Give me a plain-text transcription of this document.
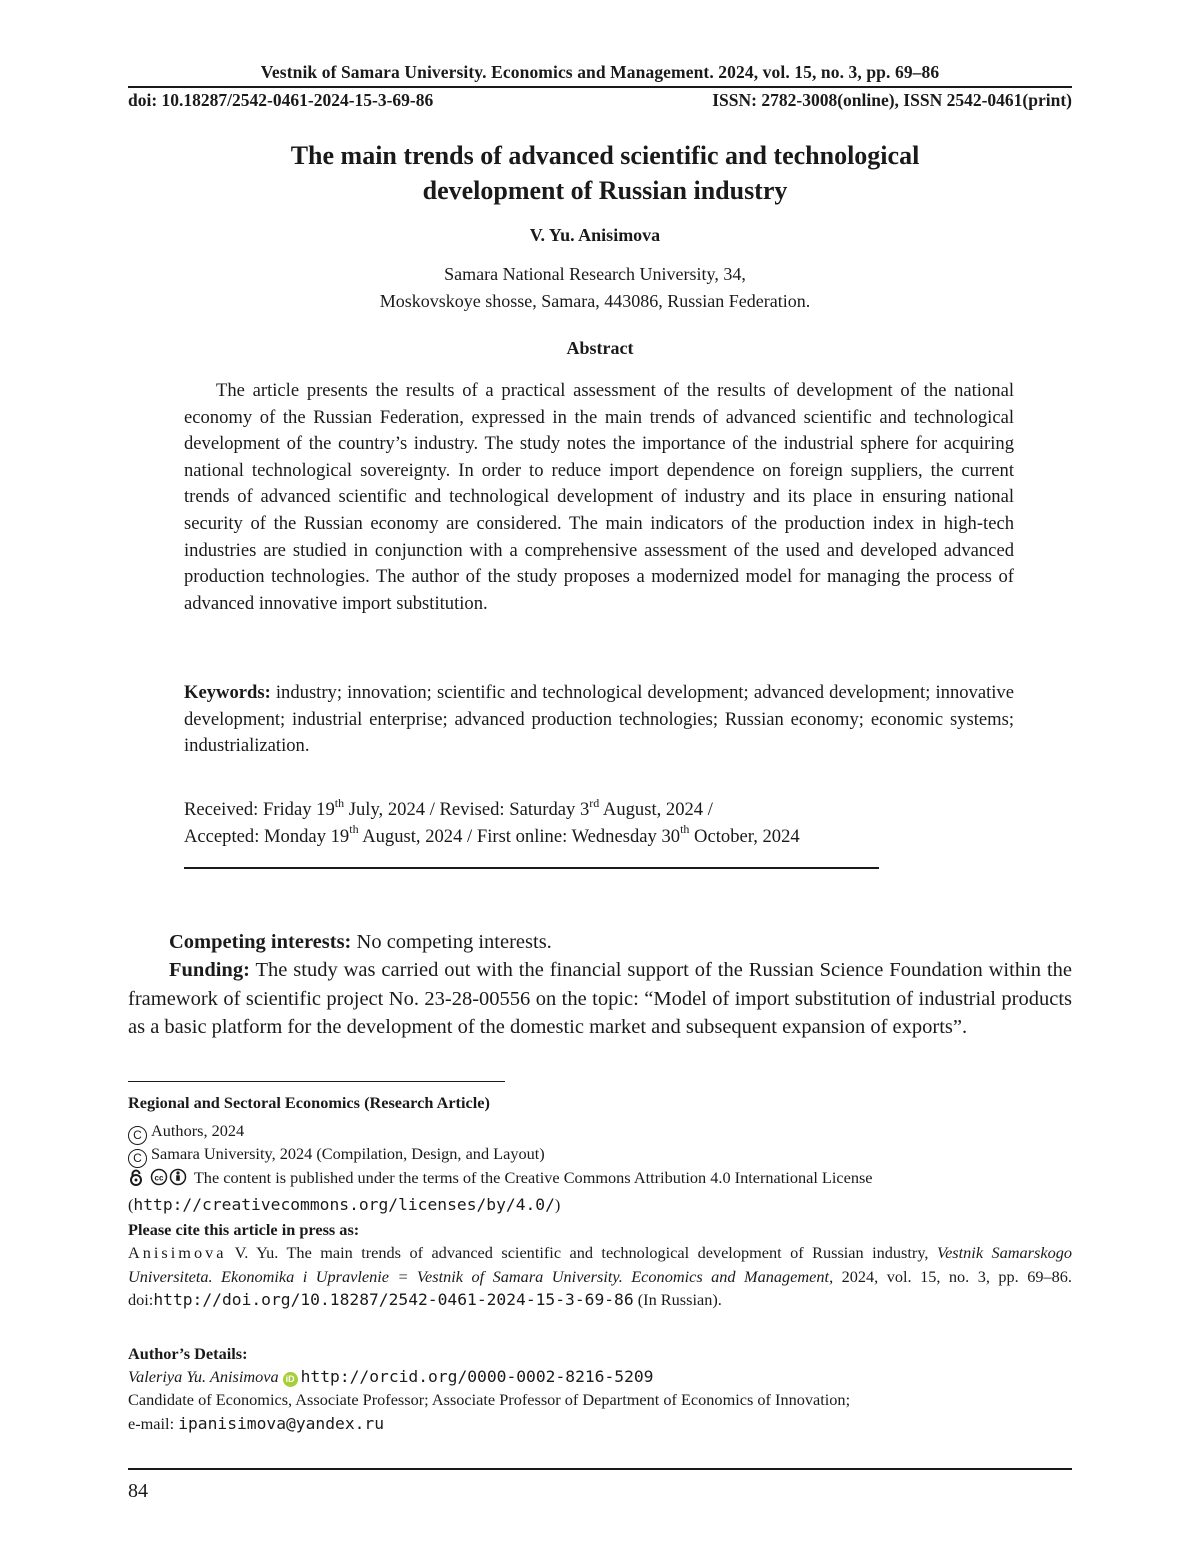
Vestnik of Samara University. Economics and Management. 2024, vol. 15, no. 3, pp. 69–86
doi: 10.18287/2542-0461-2024-15-3-69-86	ISSN: 2782-3008(online), ISSN 2542-0461(print)
The main trends of advanced scientific and technological
development of Russian industry
V. Yu. Anisimova
Samara National Research University, 34,
Moskovskoye shosse, Samara, 443086, Russian Federation.
Abstract
The article presents the results of a practical assessment of the results of development of the national economy of the Russian Federation, expressed in the main trends of advanced scientific and technological development of the country’s industry. The study notes the importance of the industrial sphere for acquiring national technological sovereignty. In order to reduce import dependence on foreign suppliers, the current trends of advanced scientific and technological development of industry and its place in ensuring national security of the Russian economy are considered. The main indicators of the production index in high-tech industries are studied in conjunction with a comprehensive assessment of the used and developed advanced production technologies. The author of the study proposes a modernized model for managing the process of advanced innovative import substitution.
Keywords: industry; innovation; scientific and technological development; advanced development; innovative development; industrial enterprise; advanced production technologies; Russian economy; economic systems; industrialization.
Received: Friday 19th July, 2024 / Revised: Saturday 3rd August, 2024 /
Accepted: Monday 19th August, 2024 / First online: Wednesday 30th October, 2024
Competing interests: No competing interests.
Funding: The study was carried out with the financial support of the Russian Science Foundation within the framework of scientific project No. 23-28-00556 on the topic: “Model of import substitution of industrial products as a basic platform for the development of the domestic market and subsequent expansion of exports”.
Regional and Sectoral Economics (Research Article)
C Authors, 2024
C Samara University, 2024 (Compilation, Design, and Layout)

cc The content is published under the terms of the Creative Commons Attribution 4.0 International License
(http://creativecommons.org/licenses/by/4.0/)
Please cite this article in press as:
Anisimova V. Yu. The main trends of advanced scientific and technological development of Russian industry, Vestnik Samarskogo Universiteta. Ekonomika i Upravlenie = Vestnik of Samara University. Economics and Management, 2024, vol. 15, no. 3, pp. 69–86. doi:http://doi.org/10.18287/2542-0461-2024-15-3-69-86 (In Russian).
Author’s Details:
Valeriya Yu. Anisimova iD http://orcid.org/0000-0002-8216-5209
Candidate of Economics, Associate Professor; Associate Professor of Department of Economics of Innovation;
e-mail: ipanisimova@yandex.ru
84
